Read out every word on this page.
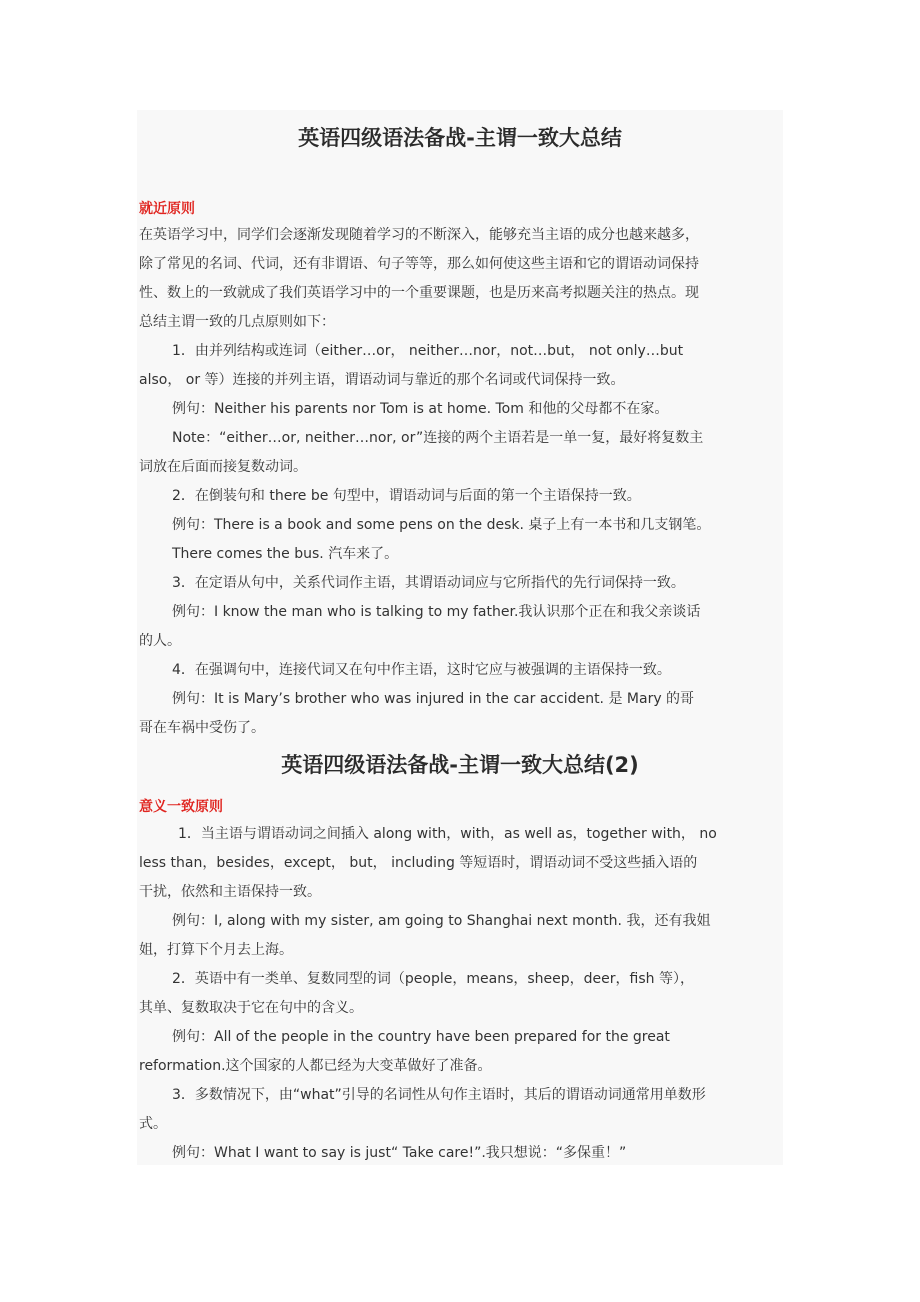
英语四级语法备战-主谓一致大总结
就近原则
在英语学习中，同学们会逐渐发现随着学习的不断深入，能够充当主语的成分也越来越多，
除了常见的名词、代词，还有非谓语、句子等等，那么如何使这些主语和它的谓语动词保持
性、数上的一致就成了我们英语学习中的一个重要课题，也是历来高考拟题关注的热点。现
总结主谓一致的几点原则如下：
1．由并列结构或连词（either…or， neither…nor，not…but， not only…but
also， or 等）连接的并列主语，谓语动词与靠近的那个名词或代词保持一致。
例句：Neither his parents nor Tom is at home. Tom 和他的父母都不在家。
Note：“either…or, neither…nor, or”连接的两个主语若是一单一复，最好将复数主
词放在后面而接复数动词。
2．在倒装句和 there be 句型中，谓语动词与后面的第一个主语保持一致。
例句：There is a book and some pens on the desk. 桌子上有一本书和几支钢笔。
There comes the bus. 汽车来了。
3．在定语从句中，关系代词作主语，其谓语动词应与它所指代的先行词保持一致。
例句：I know the man who is talking to my father.我认识那个正在和我父亲谈话
的人。
4．在强调句中，连接代词又在句中作主语，这时它应与被强调的主语保持一致。
例句：It is Mary’s brother who was injured in the car accident. 是 Mary 的哥
哥在车祸中受伤了。
英语四级语法备战-主谓一致大总结(2)
意义一致原则
1．当主语与谓语动词之间插入 along with，with，as well as，together with， no
less than，besides，except， but， including 等短语时，谓语动词不受这些插入语的
干扰，依然和主语保持一致。
例句：I, along with my sister, am going to Shanghai next month. 我，还有我姐
姐，打算下个月去上海。
2．英语中有一类单、复数同型的词（people，means，sheep，deer，fish 等），
其单、复数取决于它在句中的含义。
例句：All of the people in the country have been prepared for the great
reformation.这个国家的人都已经为大变革做好了准备。
3．多数情况下，由“what”引导的名词性从句作主语时，其后的谓语动词通常用单数形
式。
例句：What I want to say is just“ Take care!”.我只想说：“多保重！”
